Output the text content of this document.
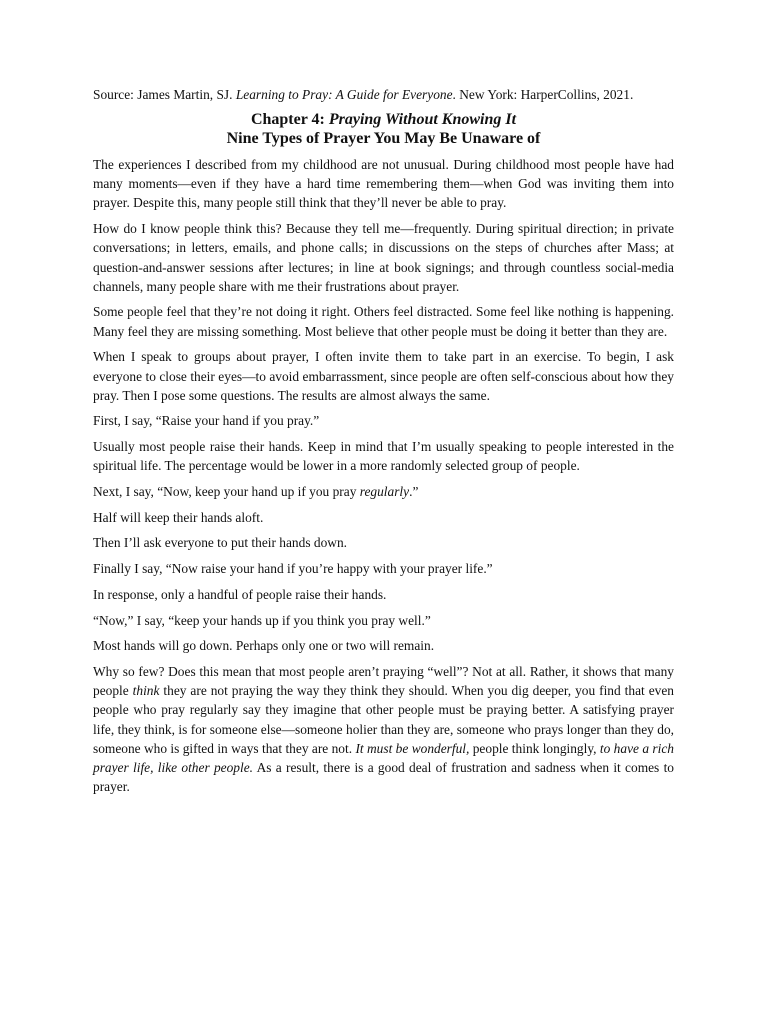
Source: James Martin, SJ. Learning to Pray: A Guide for Everyone. New York: HarperCollins, 2021.
Chapter 4: Praying Without Knowing It
Nine Types of Prayer You May Be Unaware of

The experiences I described from my childhood are not unusual. During childhood most people have had many moments—even if they have a hard time remembering them—when God was inviting them into prayer. Despite this, many people still think that they’ll never be able to pray.

How do I know people think this? Because they tell me—frequently. During spiritual direction; in private conversations; in letters, emails, and phone calls; in discussions on the steps of churches after Mass; at question-and-answer sessions after lectures; in line at book signings; and through countless social-media channels, many people share with me their frustrations about prayer.

Some people feel that they’re not doing it right. Others feel distracted. Some feel like nothing is happening. Many feel they are missing something. Most believe that other people must be doing it better than they are.

When I speak to groups about prayer, I often invite them to take part in an exercise. To begin, I ask everyone to close their eyes—to avoid embarrassment, since people are often self-conscious about how they pray. Then I pose some questions. The results are almost always the same.

First, I say, “Raise your hand if you pray.”

Usually most people raise their hands. Keep in mind that I’m usually speaking to people interested in the spiritual life. The percentage would be lower in a more randomly selected group of people.

Next, I say, “Now, keep your hand up if you pray regularly.”

Half will keep their hands aloft.

Then I’ll ask everyone to put their hands down.

Finally I say, “Now raise your hand if you’re happy with your prayer life.”

In response, only a handful of people raise their hands.

“Now,” I say, “keep your hands up if you think you pray well.”

Most hands will go down. Perhaps only one or two will remain.

Why so few? Does this mean that most people aren’t praying “well”? Not at all. Rather, it shows that many people think they are not praying the way they think they should. When you dig deeper, you find that even people who pray regularly say they imagine that other people must be praying better. A satisfying prayer life, they think, is for someone else—someone holier than they are, someone who prays longer than they do, someone who is gifted in ways that they are not. It must be wonderful, people think longingly, to have a rich prayer life, like other people. As a result, there is a good deal of frustration and sadness when it comes to prayer.
